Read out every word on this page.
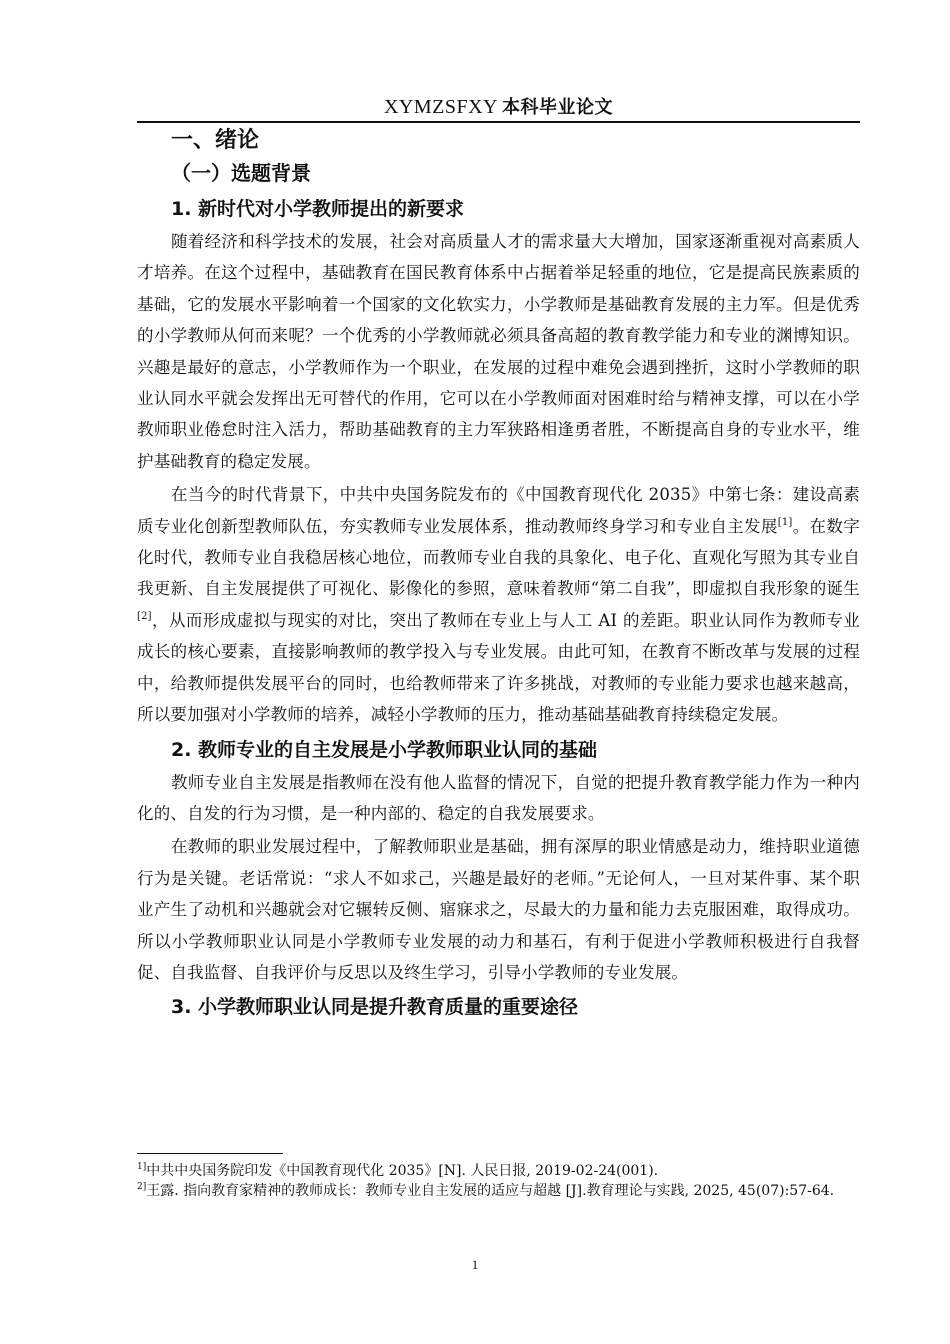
XYMZSFXY 本科毕业论文
一、绪论
（一）选题背景
1. 新时代对小学教师提出的新要求

随着经济和科学技术的发展，社会对高质量人才的需求量大大增加，国家逐渐重视对高素质人才培养。在这个过程中，基础教育在国民教育体系中占据着举足轻重的地位，它是提高民族素质的基础，它的发展水平影响着一个国家的文化软实力，小学教师是基础教育发展的主力军。但是优秀的小学教师从何而来呢？一个优秀的小学教师就必须具备高超的教育教学能力和专业的渊博知识。兴趣是最好的意志，小学教师作为一个职业，在发展的过程中难免会遇到挫折，这时小学教师的职业认同水平就会发挥出无可替代的作用，它可以在小学教师面对困难时给与精神支撑，可以在小学教师职业倦怠时注入活力，帮助基础教育的主力军狭路相逢勇者胜，不断提高自身的专业水平，维护基础教育的稳定发展。

在当今的时代背景下，中共中央国务院发布的《中国教育现代化 2035》中第七条：建设高素质专业化创新型教师队伍，夯实教师专业发展体系，推动教师终身学习和专业自主发展[1]。在数字化时代，教师专业自我稳居核心地位，而教师专业自我的具象化、电子化、直观化写照为其专业自我更新、自主发展提供了可视化、影像化的参照，意味着教师“第二自我”，即虚拟自我形象的诞生[2]，从而形成虚拟与现实的对比，突出了教师在专业上与人工 AI 的差距。职业认同作为教师专业成长的核心要素，直接影响教师的教学投入与专业发展。由此可知，在教育不断改革与发展的过程中，给教师提供发展平台的同时，也给教师带来了许多挑战，对教师的专业能力要求也越来越高，所以要加强对小学教师的培养，减轻小学教师的压力，推动基础基础教育持续稳定发展。

2. 教师专业的自主发展是小学教师职业认同的基础

教师专业自主发展是指教师在没有他人监督的情况下，自觉的把提升教育教学能力作为一种内化的、自发的行为习惯，是一种内部的、稳定的自我发展要求。

在教师的职业发展过程中，了解教师职业是基础，拥有深厚的职业情感是动力，维持职业道德行为是关键。老话常说：“求人不如求己，兴趣是最好的老师。”无论何人，一旦对某件事、某个职业产生了动机和兴趣就会对它辗转反侧、寤寐求之，尽最大的力量和能力去克服困难，取得成功。所以小学教师职业认同是小学教师专业发展的动力和基石，有利于促进小学教师积极进行自我督促、自我监督、自我评价与反思以及终生学习，引导小学教师的专业发展。

3. 小学教师职业认同是提升教育质量的重要途径

$^{1]}$中共中央国务院印发《中国教育现代化 2035》[N]. 人民日报, 2019-02-24(001).

$^{2]}$王露. 指向教育家精神的教师成长：教师专业自主发展的适应与超越 [J].教育理论与实践, 2025, 45(07):57-64.

1
